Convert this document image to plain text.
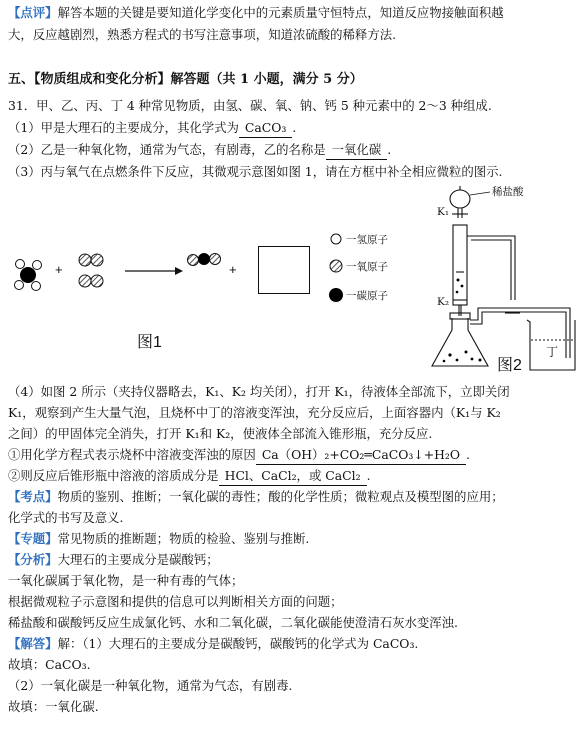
【点评】解答本题的关键是要知道化学变化中的元素质量守恒特点，知道反应物接触面积越
大，反应越剧烈，熟悉方程式的书写注意事项，知道浓硫酸的稀释方法.
五、【物质组成和变化分析】解答题（共 1 小题，满分 5 分）
31．甲、乙、丙、丁 4 种常见物质，由氢、碳、氧、钠、钙 5 种元素中的 2～3 种组成.
（1）甲是大理石的主要成分，其化学式为 CaCO₃ .
（2）乙是一种氧化物，通常为气态，有剧毒，乙的名称是 一氧化碳 .
（3）丙与氧气在点燃条件下反应，其微观示意图如图 1，请在方框中补全相应微粒的图示.
+	+
一氢原子
一氧原子
一碳原子
图1
稀盐酸
K₁
K₂
丁
图2
（4）如图 2 所示（夹持仪器略去，K₁、K₂ 均关闭），打开 K₁，待液体全部流下，立即关闭
K₁，观察到产生大量气泡，且烧杯中丁的溶液变浑浊，充分反应后，上面容器内（K₁与 K₂
之间）的甲固体完全消失，打开 K₁和 K₂，使液体全部流入锥形瓶，充分反应.
①用化学方程式表示烧杯中溶液变浑浊的原因 Ca（OH）₂+CO₂═CaCO₃↓+H₂O .
②则反应后锥形瓶中溶液的溶质成分是 HCl、CaCl₂，或 CaCl₂ .
【考点】物质的鉴别、推断；一氧化碳的毒性；酸的化学性质；微粒观点及模型图的应用；
化学式的书写及意义.
【专题】常见物质的推断题；物质的检验、鉴别与推断.
【分析】大理石的主要成分是碳酸钙；
一氧化碳属于氧化物，是一种有毒的气体；
根据微观粒子示意图和提供的信息可以判断相关方面的问题；
稀盐酸和碳酸钙反应生成氯化钙、水和二氧化碳，二氧化碳能使澄清石灰水变浑浊.
【解答】解：（1）大理石的主要成分是碳酸钙，碳酸钙的化学式为 CaCO₃.
故填：CaCO₃.
（2）一氧化碳是一种氧化物，通常为气态，有剧毒.
故填：一氧化碳.
